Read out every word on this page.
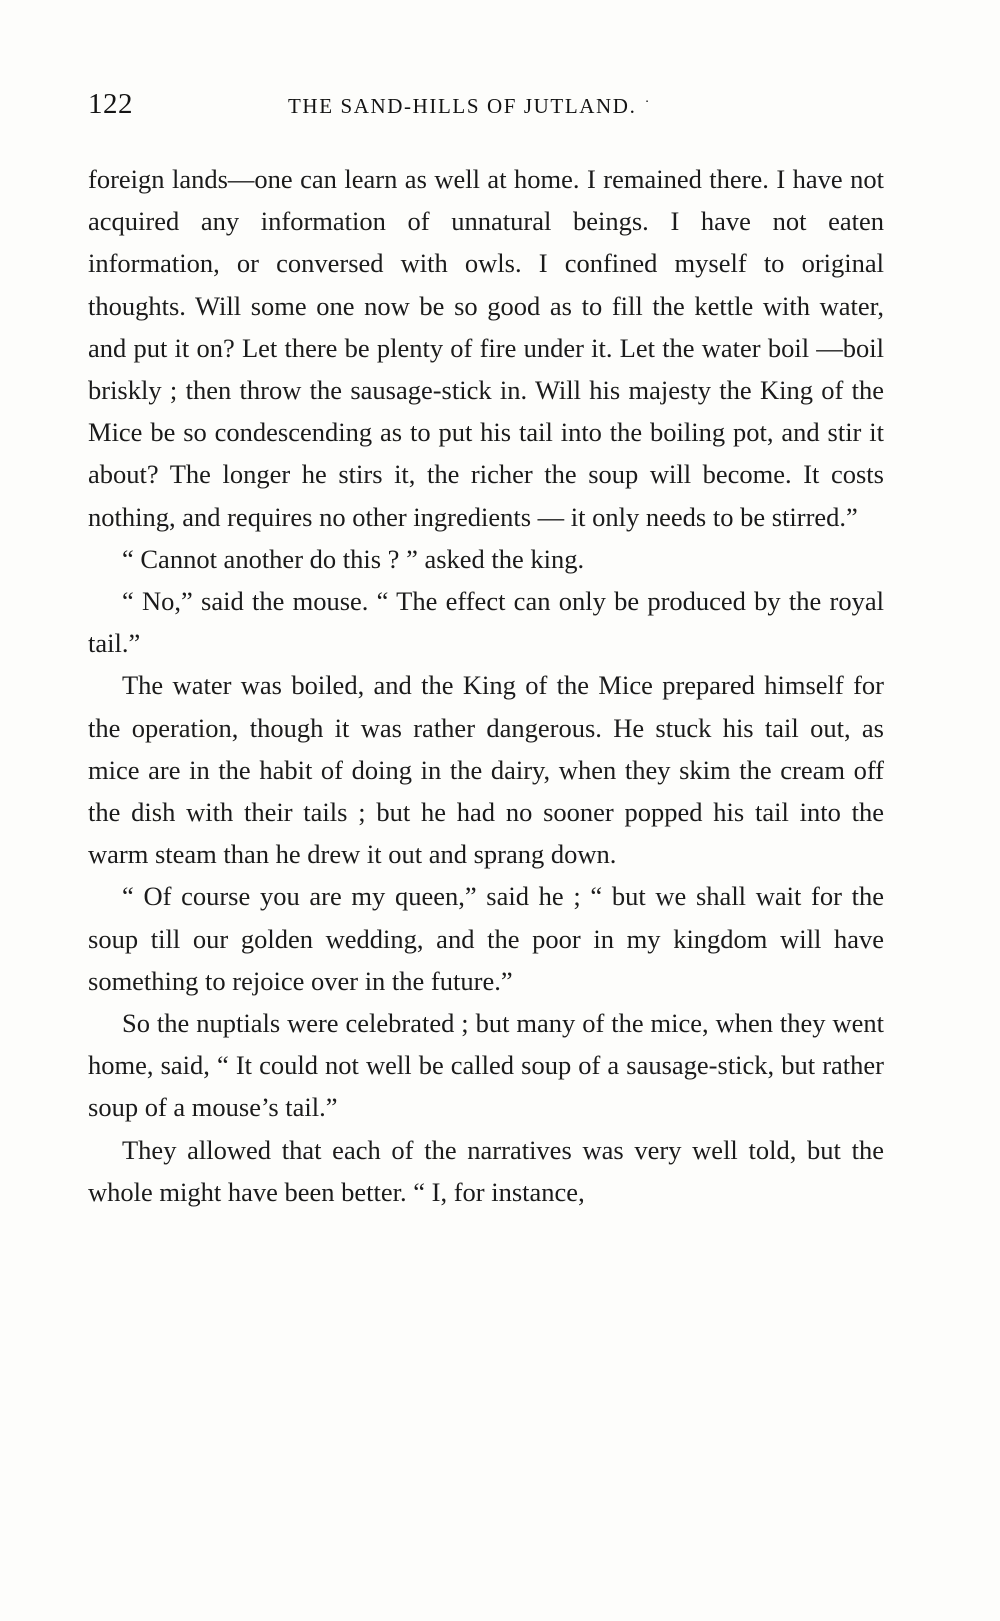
122	THE SAND-HILLS OF JUTLAND. ˙

foreign lands—one can learn as well at home. I remained there. I have not acquired any information of unnatural beings. I have not eaten information, or conversed with owls. I confined myself to original thoughts. Will some one now be so good as to fill the kettle with water, and put it on? Let there be plenty of fire under it. Let the water boil —boil briskly ; then throw the sausage-stick in. Will his majesty the King of the Mice be so condescending as to put his tail into the boiling pot, and stir it about? The longer he stirs it, the richer the soup will become. It costs nothing, and requires no other ingredients — it only needs to be stirred.”

“ Cannot another do this ? ” asked the king.

“ No,” said the mouse. “ The effect can only be produced by the royal tail.”

The water was boiled, and the King of the Mice prepared himself for the operation, though it was rather dangerous. He stuck his tail out, as mice are in the habit of doing in the dairy, when they skim the cream off the dish with their tails ; but he had no sooner popped his tail into the warm steam than he drew it out and sprang down.

“ Of course you are my queen,” said he ; “ but we shall wait for the soup till our golden wedding, and the poor in my kingdom will have something to rejoice over in the future.”

So the nuptials were celebrated ; but many of the mice, when they went home, said, “ It could not well be called soup of a sausage-stick, but rather soup of a mouse’s tail.”

They allowed that each of the narratives was very well told, but the whole might have been better. “ I, for instance,
